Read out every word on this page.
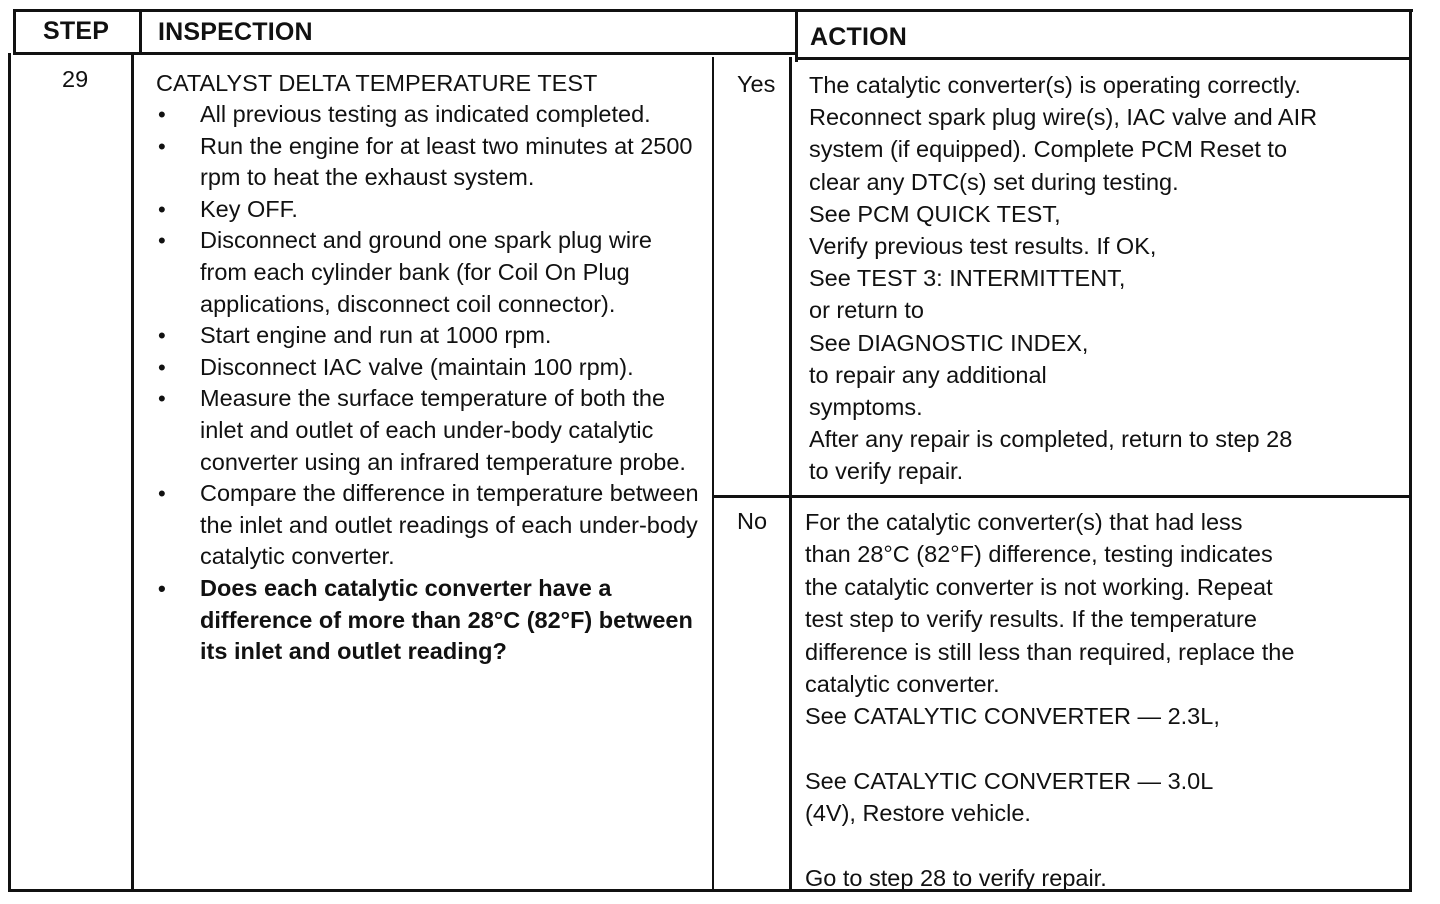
STEP INSPECTION	ACTION
29	CATALYST DELTA TEMPERATURE TEST
• All previous testing as indicated completed.
• Run the engine for at least two minutes at 2500 rpm to heat the exhaust system.
• Key OFF.
• Disconnect and ground one spark plug wire from each cylinder bank (for Coil On Plug applications, disconnect coil connector).
• Start engine and run at 1000 rpm.
• Disconnect IAC valve (maintain 100 rpm).
• Measure the surface temperature of both the inlet and outlet of each under-body catalytic converter using an infrared temperature probe.
• Compare the difference in temperature between the inlet and outlet readings of each under-body catalytic converter.
• Does each catalytic converter have a difference of more than 28°C (82°F) between its inlet and outlet reading?
Yes
No
The catalytic converter(s) is operating correctly.
Reconnect spark plug wire(s), IAC valve and AIR
system (if equipped). Complete PCM Reset to
clear any DTC(s) set during testing.
See PCM QUICK TEST,
Verify previous test results. If OK,
See TEST 3: INTERMITTENT,
or return to
See DIAGNOSTIC INDEX,
to repair any additional
symptoms.
After any repair is completed, return to step 28
to verify repair.
For the catalytic converter(s) that had less
than 28°C (82°F) difference, testing indicates
the catalytic converter is not working. Repeat
test step to verify results. If the temperature
difference is still less than required, replace the
catalytic converter.
See CATALYTIC CONVERTER — 2.3L,
See CATALYTIC CONVERTER — 3.0L
(4V), Restore vehicle.
Go to step 28 to verify repair.
